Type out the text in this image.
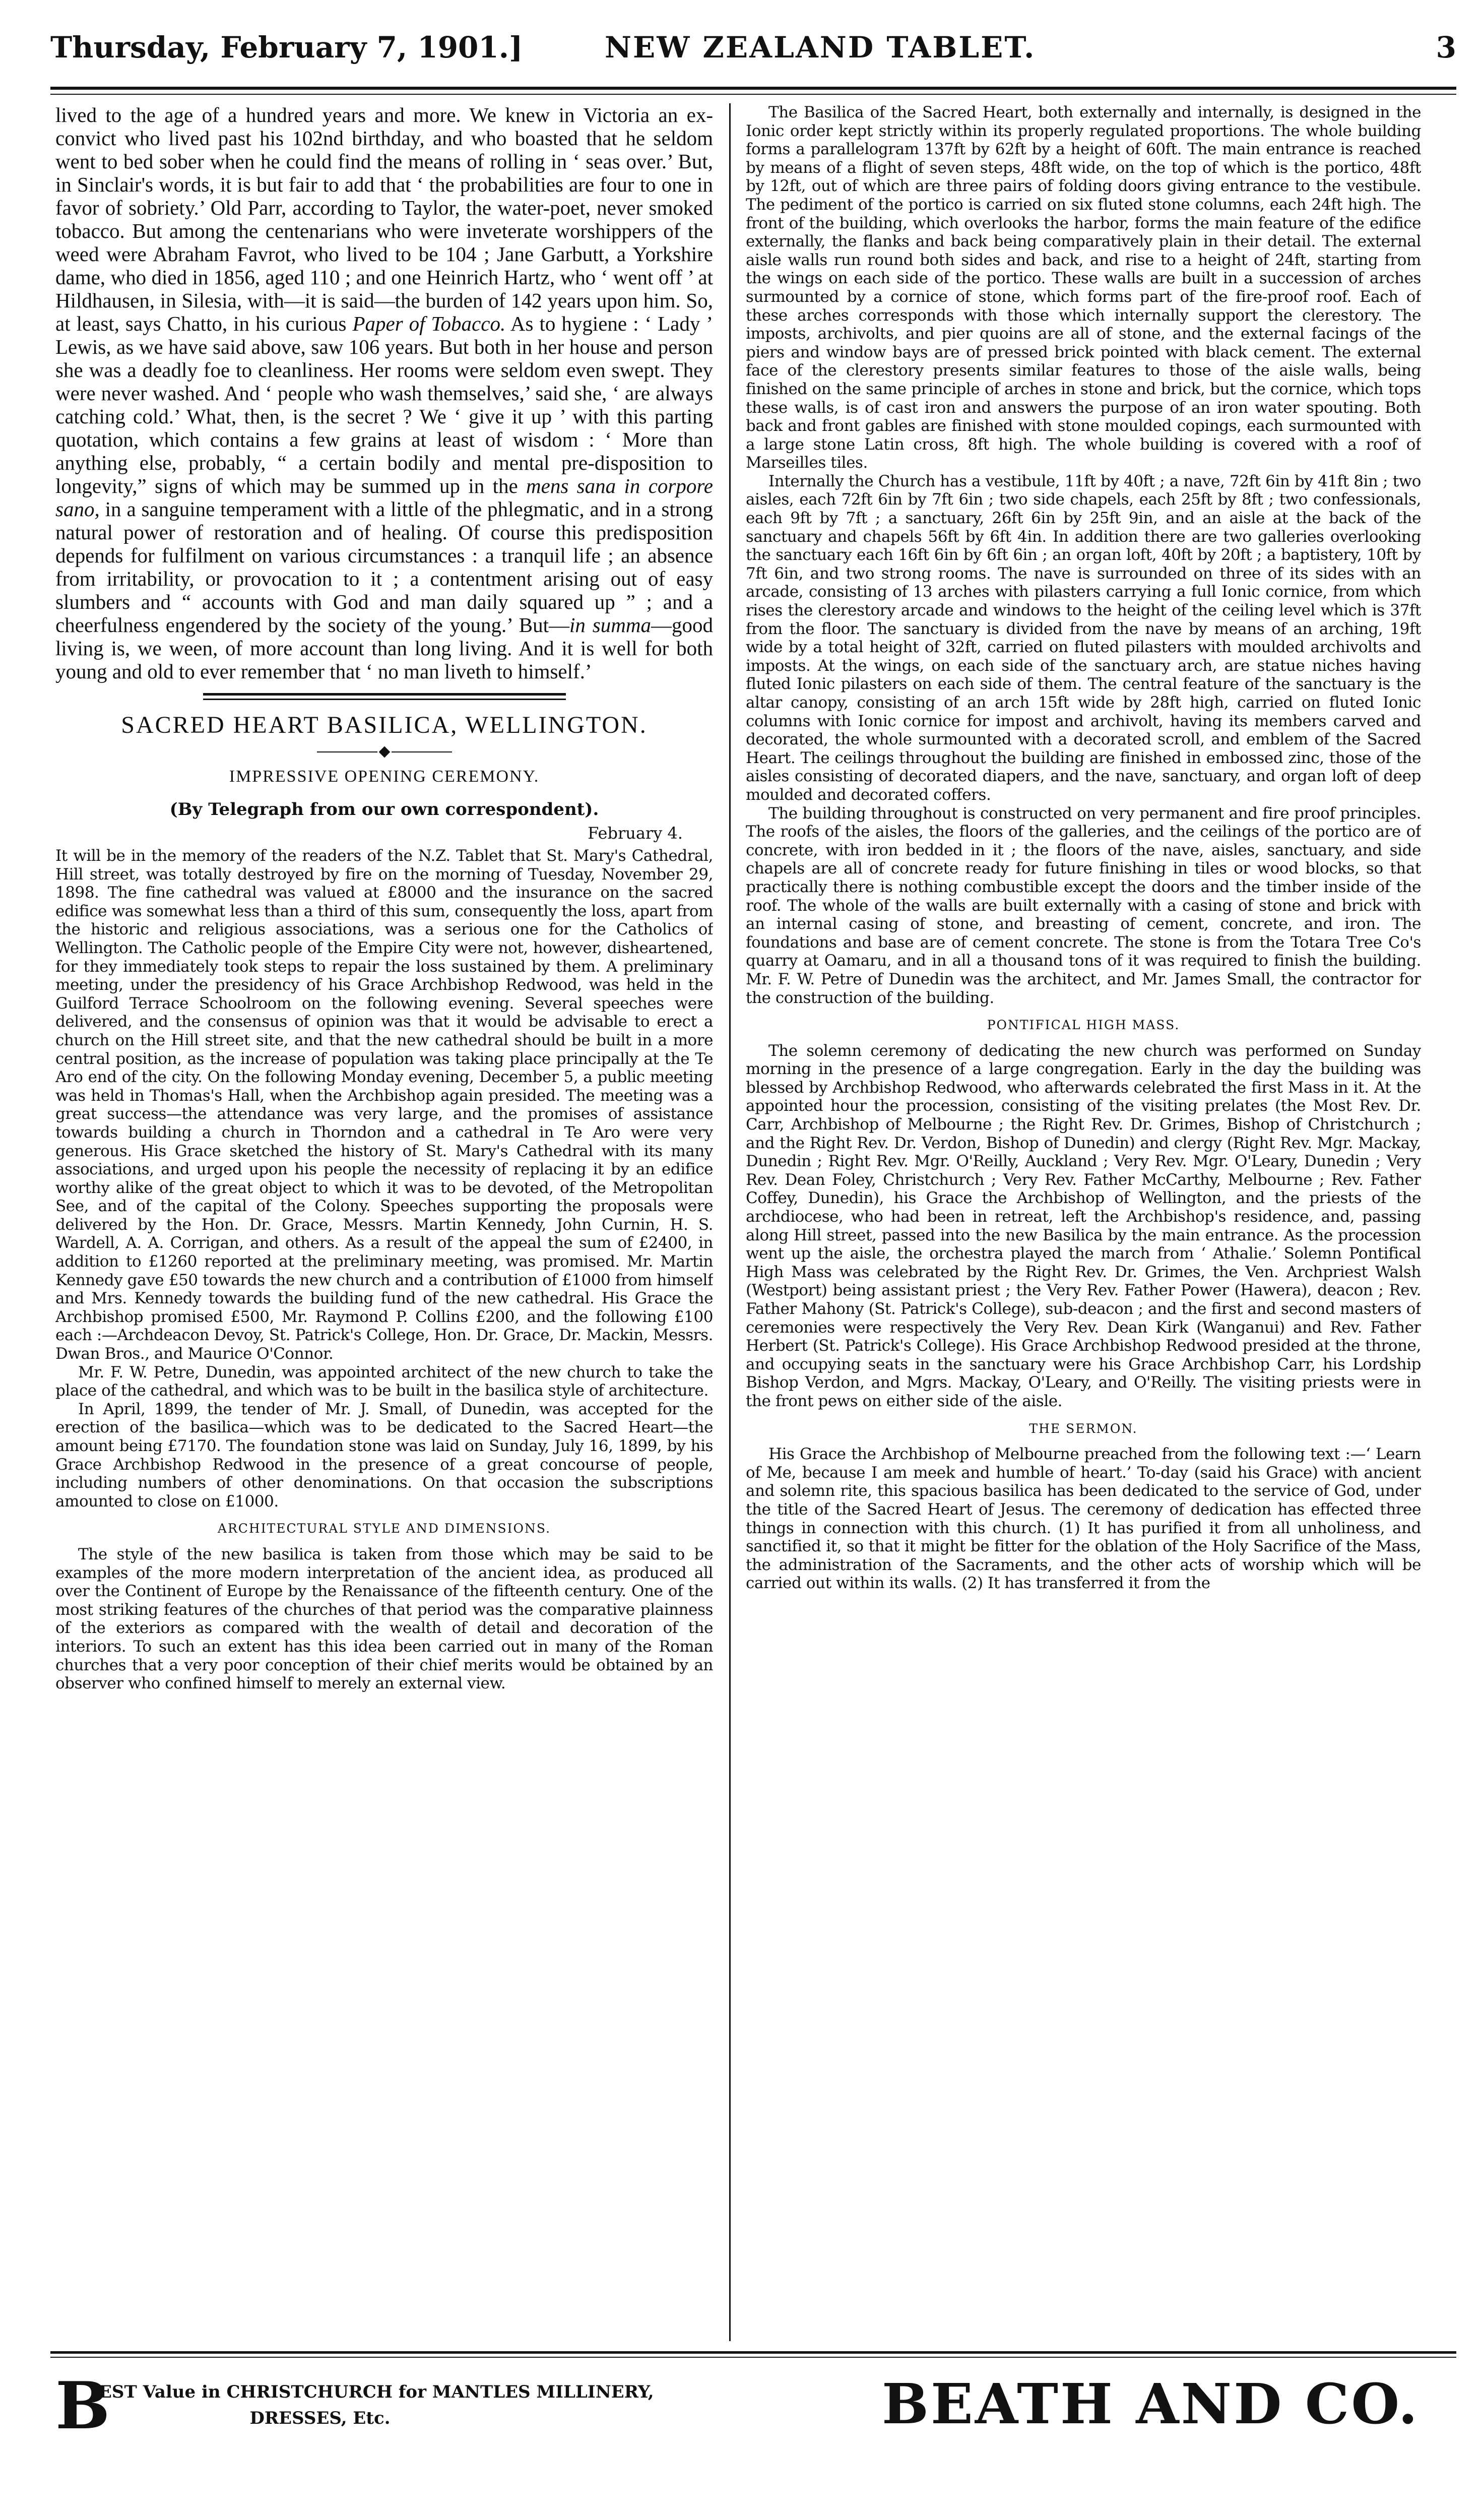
Thursday, February 7, 1901.]	NEW ZEALAND TABLET.	3

lived to the age of a hundred years and more. We knew in Victoria an ex-convict who lived past his 102nd birthday, and who boasted that he seldom went to bed sober when he could find the means of rolling in ‘ seas over.’ But, in Sinclair's words, it is but fair to add that ‘ the probabilities are four to one in favor of sobriety.’ Old Parr, according to Taylor, the water-poet, never smoked tobacco. But among the centenarians who were inveterate worshippers of the weed were Abraham Favrot, who lived to be 104 ; Jane Garbutt, a Yorkshire dame, who died in 1856, aged 110 ; and one Heinrich Hartz, who ‘ went off ’ at Hildhausen, in Silesia, with—it is said—the burden of 142 years upon him. So, at least, says Chatto, in his curious Paper of Tobacco. As to hygiene : ‘ Lady ’ Lewis, as we have said above, saw 106 years. But both in her house and person she was a deadly foe to cleanliness. Her rooms were seldom even swept. They were never washed. And ‘ people who wash themselves,’ said she, ‘ are always catching cold.’ What, then, is the secret ? We ‘ give it up ’ with this parting quotation, which contains a few grains at least of wisdom : ‘ More than anything else, probably, “ a certain bodily and mental pre-disposition to longevity,” signs of which may be summed up in the mens sana in corpore sano, in a sanguine temperament with a little of the phlegmatic, and in a strong natural power of restoration and of healing. Of course this predisposition depends for fulfilment on various circumstances : a tranquil life ; an absence from irritability, or provocation to it ; a contentment arising out of easy slumbers and “ accounts with God and man daily squared up ” ; and a cheerfulness engendered by the society of the young.’ But—in summa—good living is, we ween, of more account than long living. And it is well for both young and old to ever remember that ‘ no man liveth to himself.’

SACRED HEART BASILICA, WELLINGTON.
IMPRESSIVE OPENING CEREMONY.
(By Telegraph from our own correspondent).
February 4.

It will be in the memory of the readers of the N.Z. Tablet that St. Mary's Cathedral, Hill street, was totally destroyed by fire on the morning of Tuesday, November 29, 1898. The fine cathedral was valued at £8000 and the insurance on the sacred edifice was somewhat less than a third of this sum, consequently the loss, apart from the historic and religious associations, was a serious one for the Catholics of Wellington. The Catholic people of the Empire City were not, however, disheartened, for they immediately took steps to repair the loss sustained by them. A preliminary meeting, under the presidency of his Grace Archbishop Redwood, was held in the Guilford Terrace Schoolroom on the following evening. Several speeches were delivered, and the consensus of opinion was that it would be advisable to erect a church on the Hill street site, and that the new cathedral should be built in a more central position, as the increase of population was taking place principally at the Te Aro end of the city. On the following Monday evening, December 5, a public meeting was held in Thomas's Hall, when the Archbishop again presided. The meeting was a great success—the attendance was very large, and the promises of assistance towards building a church in Thorndon and a cathedral in Te Aro were very generous. His Grace sketched the history of St. Mary's Cathedral with its many associations, and urged upon his people the necessity of replacing it by an edifice worthy alike of the great object to which it was to be devoted, of the Metropolitan See, and of the capital of the Colony. Speeches supporting the proposals were delivered by the Hon. Dr. Grace, Messrs. Martin Kennedy, John Curnin, H. S. Wardell, A. A. Corrigan, and others. As a result of the appeal the sum of £2400, in addition to £1260 reported at the preliminary meeting, was promised. Mr. Martin Kennedy gave £50 towards the new church and a contribution of £1000 from himself and Mrs. Kennedy towards the building fund of the new cathedral. His Grace the Archbishop promised £500, Mr. Raymond P. Collins £200, and the following £100 each :—Archdeacon Devoy, St. Patrick's College, Hon. Dr. Grace, Dr. Mackin, Messrs. Dwan Bros., and Maurice O'Connor.

Mr. F. W. Petre, Dunedin, was appointed architect of the new church to take the place of the cathedral, and which was to be built in the basilica style of architecture.

In April, 1899, the tender of Mr. J. Small, of Dunedin, was accepted for the erection of the basilica—which was to be dedicated to the Sacred Heart—the amount being £7170. The foundation stone was laid on Sunday, July 16, 1899, by his Grace Archbishop Redwood in the presence of a great concourse of people, including numbers of other denominations. On that occasion the subscriptions amounted to close on £1000.

ARCHITECTURAL STYLE AND DIMENSIONS.

The style of the new basilica is taken from those which may be said to be examples of the more modern interpretation of the ancient idea, as produced all over the Continent of Europe by the Renaissance of the fifteenth century. One of the most striking features of the churches of that period was the comparative plainness of the exteriors as compared with the wealth of detail and decoration of the interiors. To such an extent has this idea been carried out in many of the Roman churches that a very poor conception of their chief merits would be obtained by an observer who confined himself to merely an external view.

The Basilica of the Sacred Heart, both externally and internally, is designed in the Ionic order kept strictly within its properly regulated proportions. The whole building forms a parallelogram 137ft by 62ft by a height of 60ft. The main entrance is reached by means of a flight of seven steps, 48ft wide, on the top of which is the portico, 48ft by 12ft, out of which are three pairs of folding doors giving entrance to the vestibule. The pediment of the portico is carried on six fluted stone columns, each 24ft high. The front of the building, which overlooks the harbor, forms the main feature of the edifice externally, the flanks and back being comparatively plain in their detail. The external aisle walls run round both sides and back, and rise to a height of 24ft, starting from the wings on each side of the portico. These walls are built in a succession of arches surmounted by a cornice of stone, which forms part of the fire-proof roof. Each of these arches corresponds with those which internally support the clerestory. The imposts, archivolts, and pier quoins are all of stone, and the external facings of the piers and window bays are of pressed brick pointed with black cement. The external face of the clerestory presents similar features to those of the aisle walls, being finished on the same principle of arches in stone and brick, but the cornice, which tops these walls, is of cast iron and answers the purpose of an iron water spouting. Both back and front gables are finished with stone moulded copings, each surmounted with a large stone Latin cross, 8ft high. The whole building is covered with a roof of Marseilles tiles.

Internally the Church has a vestibule, 11ft by 40ft ; a nave, 72ft 6in by 41ft 8in ; two aisles, each 72ft 6in by 7ft 6in ; two side chapels, each 25ft by 8ft ; two confessionals, each 9ft by 7ft ; a sanctuary, 26ft 6in by 25ft 9in, and an aisle at the back of the sanctuary and chapels 56ft by 6ft 4in. In addition there are two galleries overlooking the sanctuary each 16ft 6in by 6ft 6in ; an organ loft, 40ft by 20ft ; a baptistery, 10ft by 7ft 6in, and two strong rooms. The nave is surrounded on three of its sides with an arcade, consisting of 13 arches with pilasters carrying a full Ionic cornice, from which rises the clerestory arcade and windows to the height of the ceiling level which is 37ft from the floor. The sanctuary is divided from the nave by means of an arching, 19ft wide by a total height of 32ft, carried on fluted pilasters with moulded archivolts and imposts. At the wings, on each side of the sanctuary arch, are statue niches having fluted Ionic pilasters on each side of them. The central feature of the sanctuary is the altar canopy, consisting of an arch 15ft wide by 28ft high, carried on fluted Ionic columns with Ionic cornice for impost and archivolt, having its members carved and decorated, the whole surmounted with a decorated scroll, and emblem of the Sacred Heart. The ceilings throughout the building are finished in embossed zinc, those of the aisles consisting of decorated diapers, and the nave, sanctuary, and organ loft of deep moulded and decorated coffers.

The building throughout is constructed on very permanent and fire proof principles. The roofs of the aisles, the floors of the galleries, and the ceilings of the portico are of concrete, with iron bedded in it ; the floors of the nave, aisles, sanctuary, and side chapels are all of concrete ready for future finishing in tiles or wood blocks, so that practically there is nothing combustible except the doors and the timber inside of the roof. The whole of the walls are built externally with a casing of stone and brick with an internal casing of stone, and breasting of cement, concrete, and iron. The foundations and base are of cement concrete. The stone is from the Totara Tree Co's quarry at Oamaru, and in all a thousand tons of it was required to finish the building. Mr. F. W. Petre of Dunedin was the architect, and Mr. James Small, the contractor for the construction of the building.

PONTIFICAL HIGH MASS.

The solemn ceremony of dedicating the new church was performed on Sunday morning in the presence of a large congregation. Early in the day the building was blessed by Archbishop Redwood, who afterwards celebrated the first Mass in it. At the appointed hour the procession, consisting of the visiting prelates (the Most Rev. Dr. Carr, Archbishop of Melbourne ; the Right Rev. Dr. Grimes, Bishop of Christchurch ; and the Right Rev. Dr. Verdon, Bishop of Dunedin) and clergy (Right Rev. Mgr. Mackay, Dunedin ; Right Rev. Mgr. O'Reilly, Auckland ; Very Rev. Mgr. O'Leary, Dunedin ; Very Rev. Dean Foley, Christchurch ; Very Rev. Father McCarthy, Melbourne ; Rev. Father Coffey, Dunedin), his Grace the Archbishop of Wellington, and the priests of the archdiocese, who had been in retreat, left the Archbishop's residence, and, passing along Hill street, passed into the new Basilica by the main entrance. As the procession went up the aisle, the orchestra played the march from ‘ Athalie.’ Solemn Pontifical High Mass was celebrated by the Right Rev. Dr. Grimes, the Ven. Archpriest Walsh (Westport) being assistant priest ; the Very Rev. Father Power (Hawera), deacon ; Rev. Father Mahony (St. Patrick's College), sub-deacon ; and the first and second masters of ceremonies were respectively the Very Rev. Dean Kirk (Wanganui) and Rev. Father Herbert (St. Patrick's College). His Grace Archbishop Redwood presided at the throne, and occupying seats in the sanctuary were his Grace Archbishop Carr, his Lordship Bishop Verdon, and Mgrs. Mackay, O'Leary, and O'Reilly. The visiting priests were in the front pews on either side of the aisle.

THE SERMON.

His Grace the Archbishop of Melbourne preached from the following text :—‘ Learn of Me, because I am meek and humble of heart.’ To-day (said his Grace) with ancient and solemn rite, this spacious basilica has been dedicated to the service of God, under the title of the Sacred Heart of Jesus. The ceremony of dedication has effected three things in connection with this church. (1) It has purified it from all unholiness, and sanctified it, so that it might be fitter for the oblation of the Holy Sacrifice of the Mass, the administration of the Sacraments, and the other acts of worship which will be carried out within its walls. (2) It has transferred it from the

B
EST Value in CHRISTCHURCH for MANTLES MILLINERY,
DRESSES, Etc.	BEATH AND CO.
